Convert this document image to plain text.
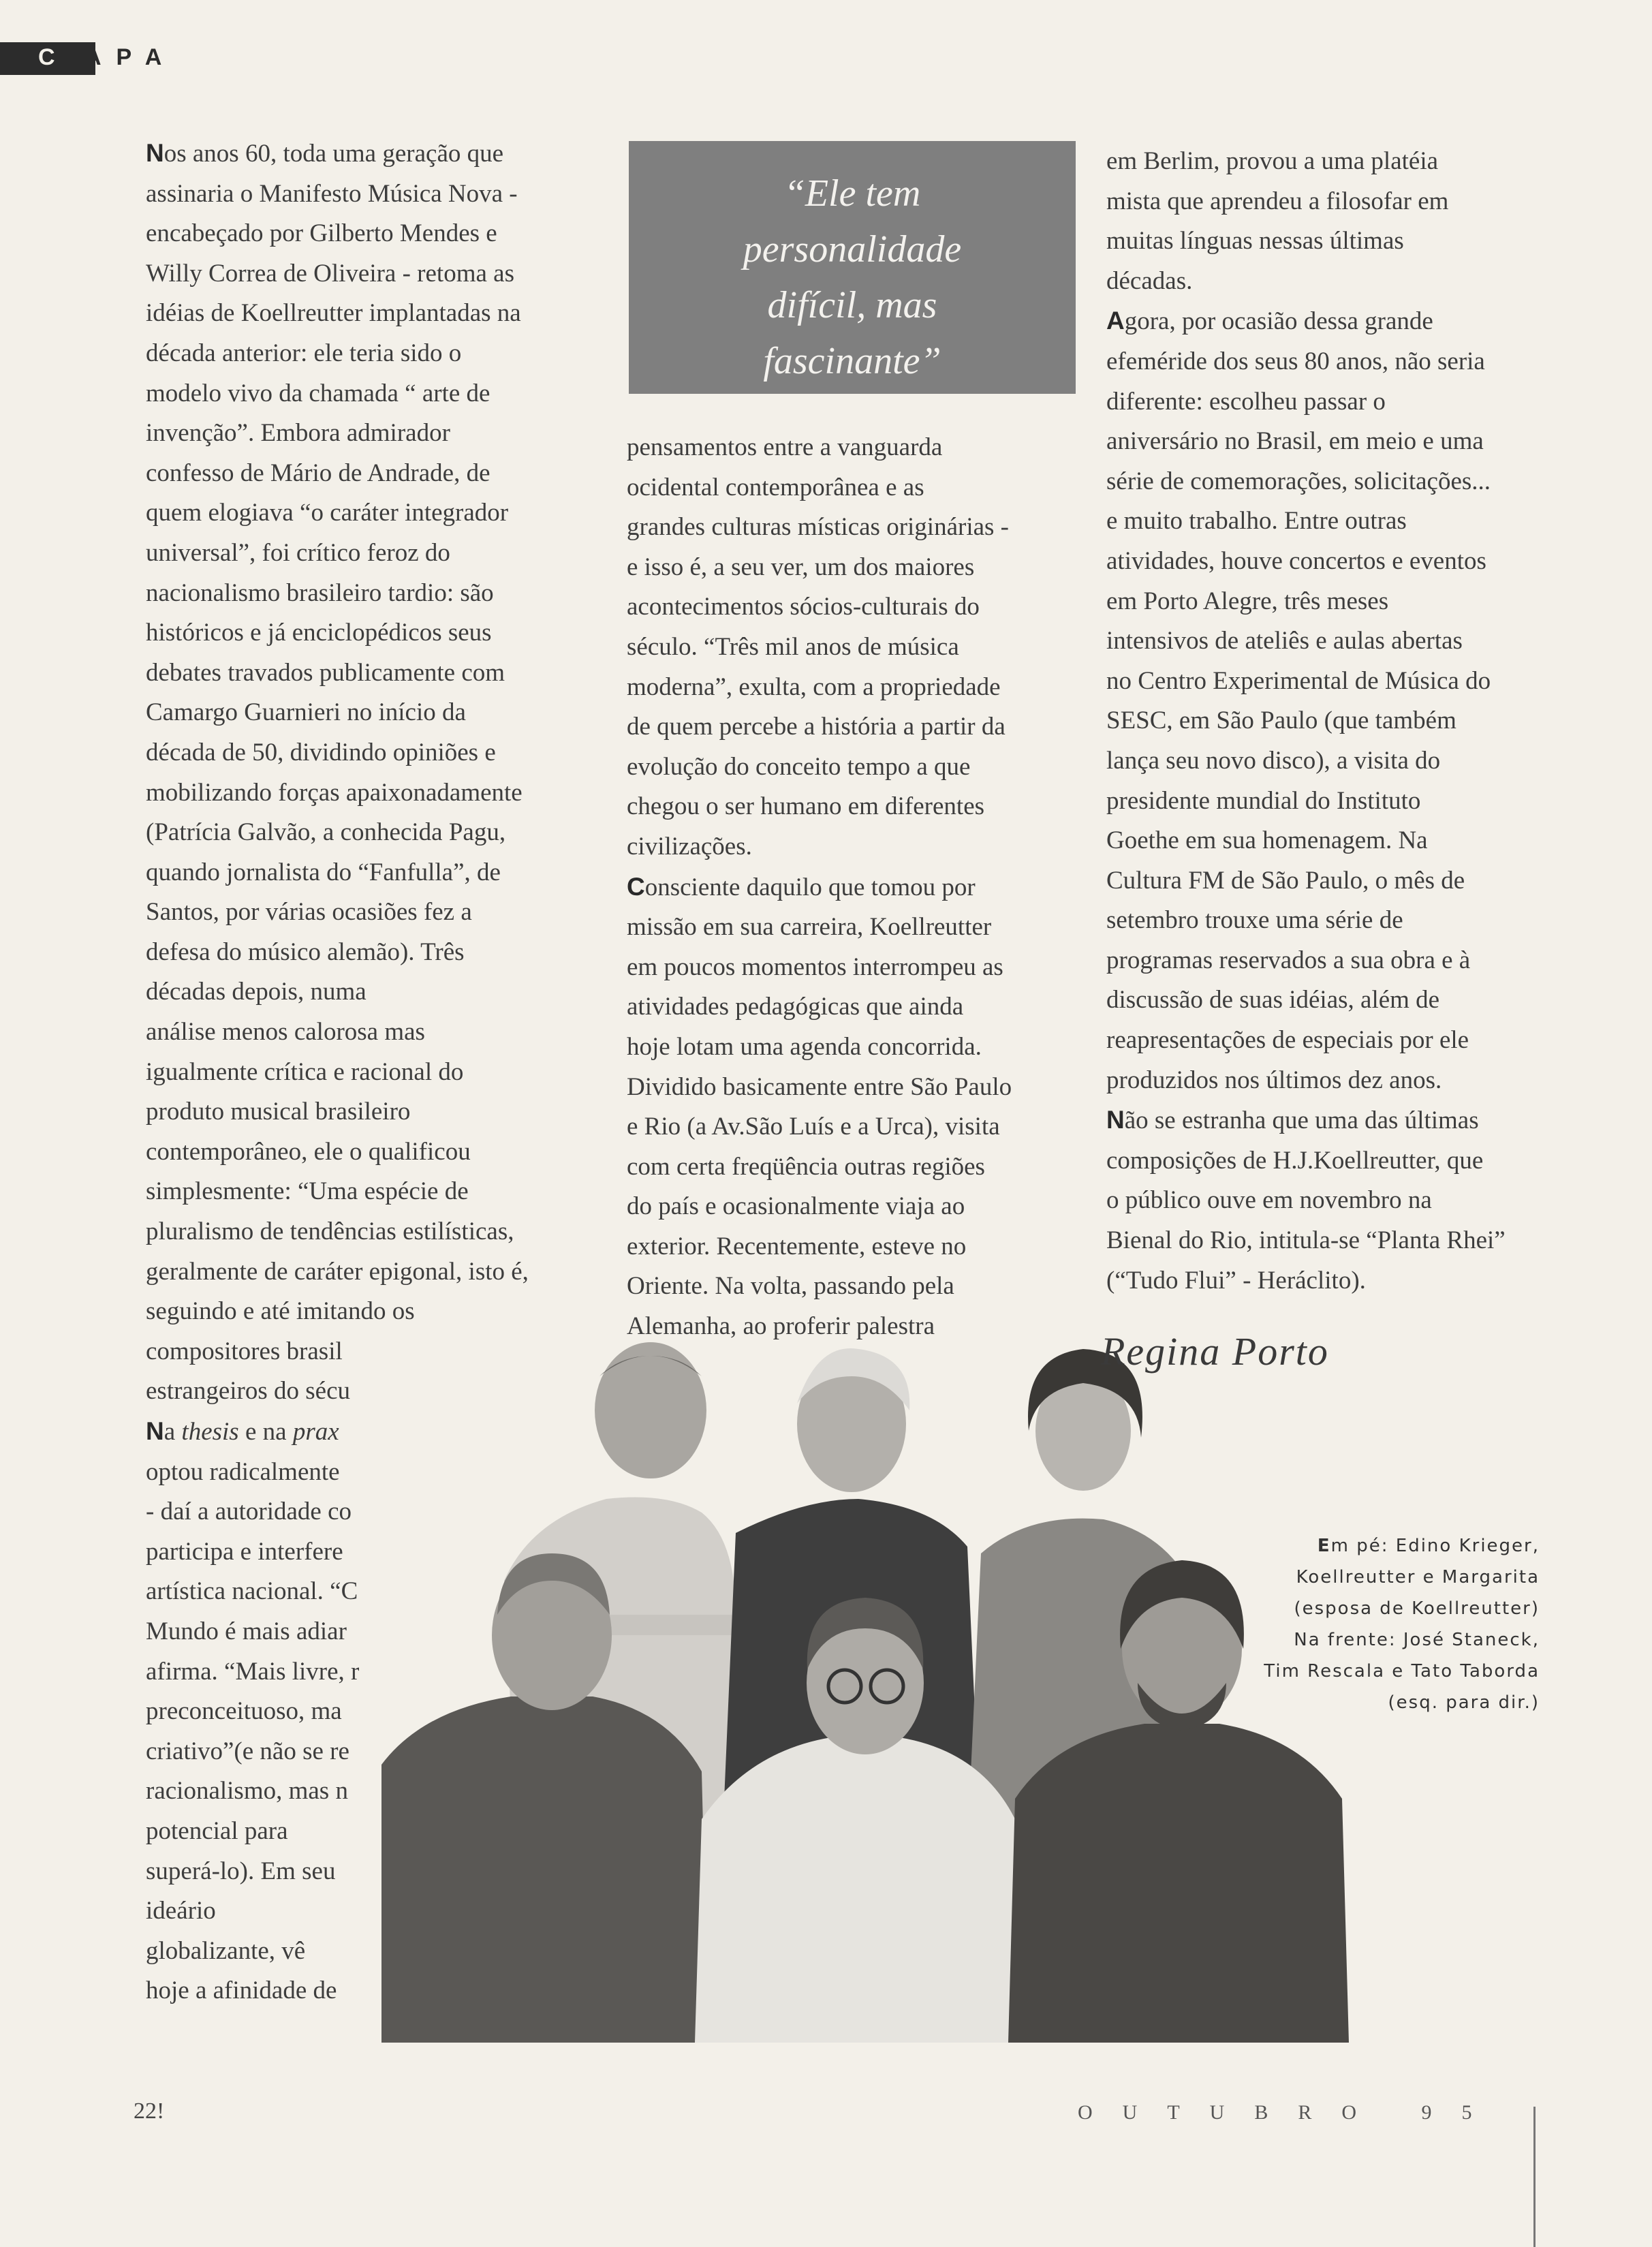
C APA
Nos anos 60, toda uma geração que
assinaria o Manifesto Música Nova -
encabeçado por Gilberto Mendes e
Willy Correa de Oliveira - retoma as
idéias de Koellreutter implantadas na
década anterior: ele teria sido o
modelo vivo da chamada “ arte de
invenção”. Embora admirador
confesso de Mário de Andrade, de
quem elogiava “o caráter integrador
universal”, foi crítico feroz do
nacionalismo brasileiro tardio: são
históricos e já enciclopédicos seus
debates travados publicamente com
Camargo Guarnieri no início da
década de 50, dividindo opiniões e
mobilizando forças apaixonadamente
(Patrícia Galvão, a conhecida Pagu,
quando jornalista do “Fanfulla”, de
Santos, por várias ocasiões fez a
defesa do músico alemão). Três
décadas depois, numa
análise menos calorosa mas
igualmente crítica e racional do
produto musical brasileiro
contemporâneo, ele o qualificou
simplesmente: “Uma espécie de
pluralismo de tendências estilísticas,
geralmente de caráter epigonal, isto é,
seguindo e até imitando os
compositores brasil
estrangeiros do sécu
Na thesis e na prax
optou radicalmente
- daí a autoridade co
participa e interfere
artística nacional. “C
Mundo é mais adiar
afirma. “Mais livre, r
preconceituoso, ma
criativo”(e não se re
racionalismo, mas n
potencial para
superá-lo). Em seu
ideário
globalizante, vê
hoje a afinidade de
“Ele tem
personalidade
difícil, mas
fascinante”
pensamentos entre a vanguarda
ocidental contemporânea e as
grandes culturas místicas originárias -
e isso é, a seu ver, um dos maiores
acontecimentos sócios-culturais do
século. “Três mil anos de música
moderna”, exulta, com a propriedade
de quem percebe a história a partir da
evolução do conceito tempo a que
chegou o ser humano em diferentes
civilizações.
Consciente daquilo que tomou por
missão em sua carreira, Koellreutter
em poucos momentos interrompeu as
atividades pedagógicas que ainda
hoje lotam uma agenda concorrida.
Dividido basicamente entre São Paulo
e Rio (a Av.São Luís e a Urca), visita
com certa freqüência outras regiões
do país e ocasionalmente viaja ao
exterior. Recentemente, esteve no
Oriente. Na volta, passando pela
Alemanha, ao proferir palestra
em Berlim, provou a uma platéia
mista que aprendeu a filosofar em
muitas línguas nessas últimas
décadas.
Agora, por ocasião dessa grande
efeméride dos seus 80 anos, não seria
diferente: escolheu passar o
aniversário no Brasil, em meio e uma
série de comemorações, solicitações...
e muito trabalho. Entre outras
atividades, houve concertos e eventos
em Porto Alegre, três meses
intensivos de ateliês e aulas abertas
no Centro Experimental de Música do
SESC, em São Paulo (que também
lança seu novo disco), a visita do
presidente mundial do Instituto
Goethe em sua homenagem. Na
Cultura FM de São Paulo, o mês de
setembro trouxe uma série de
programas reservados a sua obra e à
discussão de suas idéias, além de
reapresentações de especiais por ele
produzidos nos últimos dez anos.
Não se estranha que uma das últimas
composições de H.J.Koellreutter, que
o público ouve em novembro na
Bienal do Rio, intitula-se “Planta Rhei”
(“Tudo Flui” - Heráclito).
Em pé: Edino Krieger,
Koellreutter e Margarita
(esposa de Koellreutter)
Na frente: José Staneck,
Tim Rescala e Tato Taborda
(esq. para dir.)
Regina Porto
22!	OUTUBRO 95
